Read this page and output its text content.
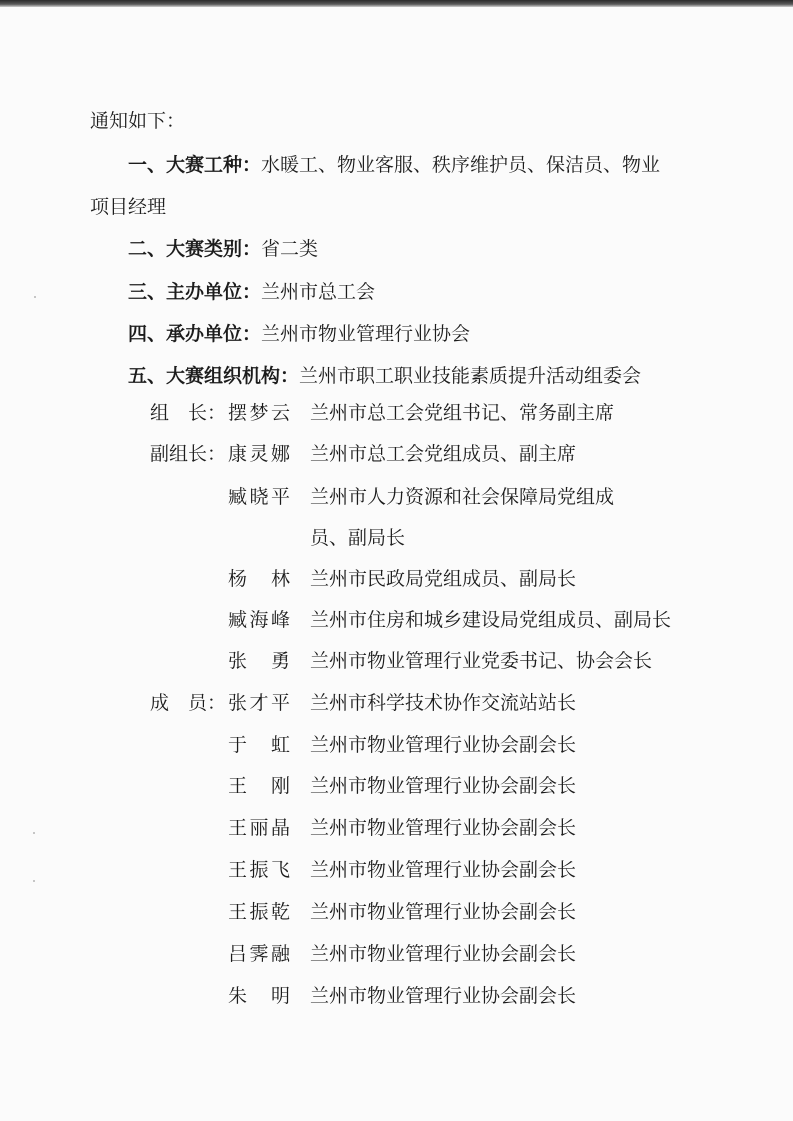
通知如下：
一、大赛工种：水暖工、物业客服、秩序维护员、保洁员、物业
项目经理
二、大赛类别：省二类
三、主办单位：兰州市总工会
四、承办单位：兰州市物业管理行业协会
五、大赛组织机构：兰州市职工职业技能素质提升活动组委会
组　长：
副组长：
成　员：
摆梦云
康灵娜
臧晓平
杨林
臧海峰
张勇
张才平
于虹
王刚
王丽晶
王振飞
王振乾
吕霁融
朱明
兰州市总工会党组书记、常务副主席
兰州市总工会党组成员、副主席
兰州市人力资源和社会保障局党组成
员、副局长
兰州市民政局党组成员、副局长
兰州市住房和城乡建设局党组成员、副局长
兰州市物业管理行业党委书记、协会会长
兰州市科学技术协作交流站站长
兰州市物业管理行业协会副会长
兰州市物业管理行业协会副会长
兰州市物业管理行业协会副会长
兰州市物业管理行业协会副会长
兰州市物业管理行业协会副会长
兰州市物业管理行业协会副会长
兰州市物业管理行业协会副会长
